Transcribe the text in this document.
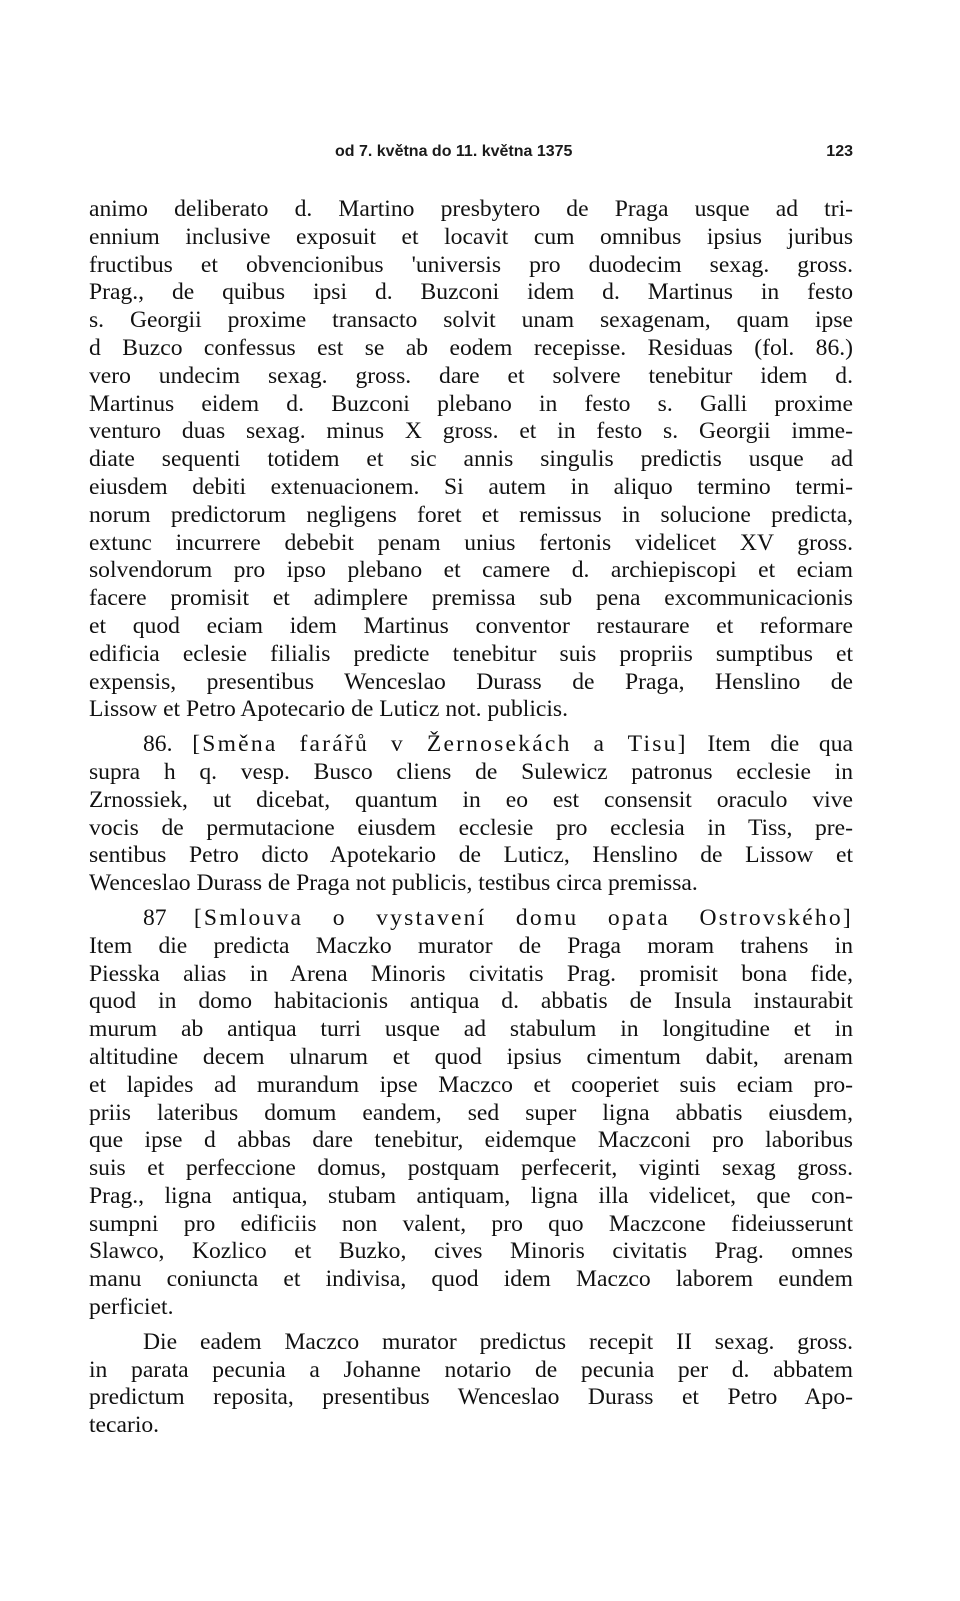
od 7. května do 11. května 1375	123

animo deliberato d. Martino presbytero de Praga usque ad tri-
ennium inclusive exposuit et locavit cum omnibus ipsius juribus
fructibus et obvencionibus 'universis pro duodecim sexag. gross.
Prag., de quibus ipsi d. Buzconi idem d. Martinus in festo
s. Georgii proxime transacto solvit unam sexagenam, quam ipse
d Buzco confessus est se ab eodem recepisse. Residuas (fol. 86.)
vero undecim sexag. gross. dare et solvere tenebitur idem d.
Martinus eidem d. Buzconi plebano in festo s. Galli proxime
venturo duas sexag. minus X gross. et in festo s. Georgii imme-
diate sequenti totidem et sic annis singulis predictis usque ad
eiusdem debiti extenuacionem. Si autem in aliquo termino termi-
norum predictorum negligens foret et remissus in solucione predicta,
extunc incurrere debebit penam unius fertonis videlicet XV gross.
solvendorum pro ipso plebano et camere d. archiepiscopi et eciam
facere promisit et adimplere premissa sub pena excommunicacionis
et quod eciam idem Martinus conventor restaurare et reformare
edificia eclesie filialis predicte tenebitur suis propriis sumptibus et
expensis, presentibus Wenceslao Durass de Praga, Henslino de
Lissow et Petro Apotecario de Luticz not. publicis.

86. [Směna farářů v Žernosekách a Tisu] Item die qua
supra h q. vesp. Busco cliens de Sulewicz patronus ecclesie in
Zrnossiek, ut dicebat, quantum in eo est consensit oraculo vive
vocis de permutacione eiusdem ecclesie pro ecclesia in Tiss, pre-
sentibus Petro dicto Apotekario de Luticz, Henslino de Lissow et
Wenceslao Durass de Praga not publicis, testibus circa premissa.

87 [Smlouva o vystavení domu opata Ostrovského]
Item die predicta Maczko murator de Praga moram trahens in
Piesska alias in Arena Minoris civitatis Prag. promisit bona fide,
quod in domo habitacionis antiqua d. abbatis de Insula instaurabit
murum ab antiqua turri usque ad stabulum in longitudine et in
altitudine decem ulnarum et quod ipsius cimentum dabit, arenam
et lapides ad murandum ipse Maczco et cooperiet suis eciam pro-
priis lateribus domum eandem, sed super ligna abbatis eiusdem,
que ipse d abbas dare tenebitur, eidemque Maczconi pro laboribus
suis et perfeccione domus, postquam perfecerit, viginti sexag gross.
Prag., ligna antiqua, stubam antiquam, ligna illa videlicet, que con-
sumpni pro edificiis non valent, pro quo Maczcone fideiusserunt
Slawco, Kozlico et Buzko, cives Minoris civitatis Prag. omnes
manu coniuncta et indivisa, quod idem Maczco laborem eundem
perficiet.

Die eadem Maczco murator predictus recepit II sexag. gross.
in parata pecunia a Johanne notario de pecunia per d. abbatem
predictum reposita, presentibus Wenceslao Durass et Petro Apo-
tecario.
